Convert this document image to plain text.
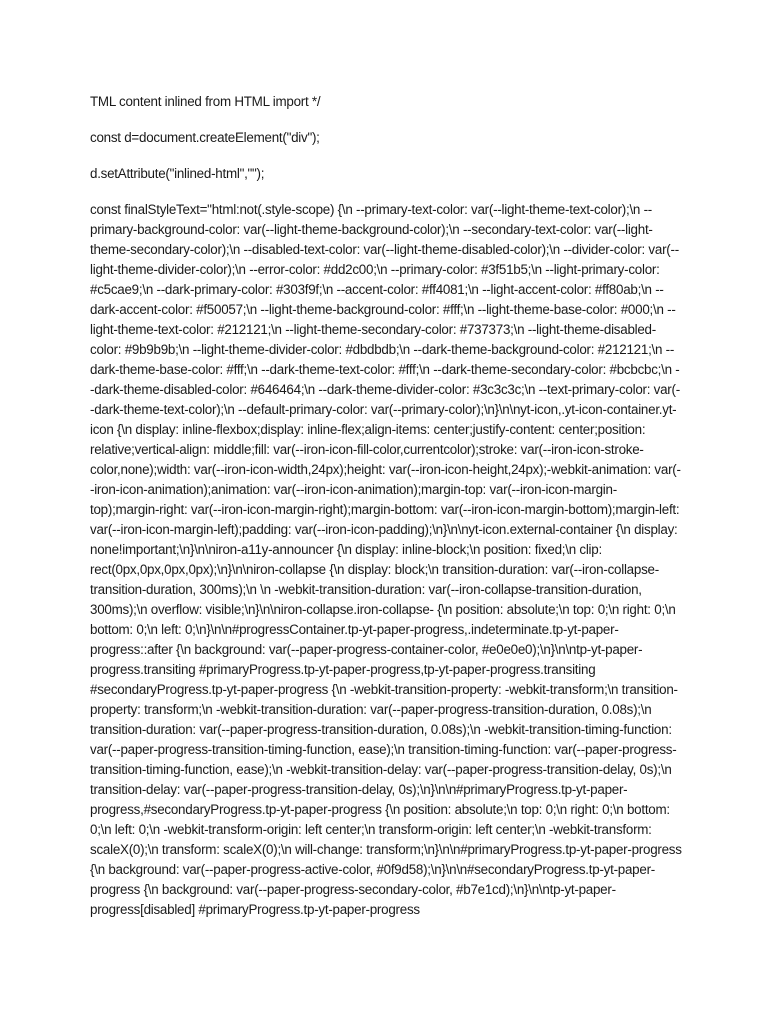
TML content inlined from HTML import */

const d=document.createElement("div");

d.setAttribute("inlined-html","");

const finalStyleText="html:not(.style-scope) {\n --primary-text-color: var(--light-theme-text-color);\n --primary-background-color: var(--light-theme-background-color);\n --secondary-text-color: var(--light-theme-secondary-color);\n --disabled-text-color: var(--light-theme-disabled-color);\n --divider-color: var(--light-theme-divider-color);\n --error-color: #dd2c00;\n --primary-color: #3f51b5;\n --light-primary-color: #c5cae9;\n --dark-primary-color: #303f9f;\n --accent-color: #ff4081;\n --light-accent-color: #ff80ab;\n --dark-accent-color: #f50057;\n --light-theme-background-color: #fff;\n --light-theme-base-color: #000;\n --light-theme-text-color: #212121;\n --light-theme-secondary-color: #737373;\n --light-theme-disabled-color: #9b9b9b;\n --light-theme-divider-color: #dbdbdb;\n --dark-theme-background-color: #212121;\n --dark-theme-base-color: #fff;\n --dark-theme-text-color: #fff;\n --dark-theme-secondary-color: #bcbcbc;\n --dark-theme-disabled-color: #646464;\n --dark-theme-divider-color: #3c3c3c;\n --text-primary-color: var(--dark-theme-text-color);\n --default-primary-color: var(--primary-color);\n}\n\nyt-icon,.yt-icon-container.yt-icon {\n display: inline-flexbox;display: inline-flex;align-items: center;justify-content: center;position: relative;vertical-align: middle;fill: var(--iron-icon-fill-color,currentcolor);stroke: var(--iron-icon-stroke-color,none);width: var(--iron-icon-width,24px);height: var(--iron-icon-height,24px);-webkit-animation: var(--iron-icon-animation);animation: var(--iron-icon-animation);margin-top: var(--iron-icon-margin-top);margin-right: var(--iron-icon-margin-right);margin-bottom: var(--iron-icon-margin-bottom);margin-left: var(--iron-icon-margin-left);padding: var(--iron-icon-padding);\n}\n\nyt-icon.external-container {\n display: none!important;\n}\n\niron-a11y-announcer {\n display: inline-block;\n position: fixed;\n clip: rect(0px,0px,0px,0px);\n}\n\niron-collapse {\n display: block;\n transition-duration: var(--iron-collapse-transition-duration, 300ms);\n \n -webkit-transition-duration: var(--iron-collapse-transition-duration, 300ms);\n overflow: visible;\n}\n\niron-collapse.iron-collapse- {\n position: absolute;\n top: 0;\n right: 0;\n bottom: 0;\n left: 0;\n}\n\n#progressContainer.tp-yt-paper-progress,.indeterminate.tp-yt-paper-progress::after {\n background: var(--paper-progress-container-color, #e0e0e0);\n}\n\ntp-yt-paper-progress.transiting #primaryProgress.tp-yt-paper-progress,tp-yt-paper-progress.transiting #secondaryProgress.tp-yt-paper-progress {\n -webkit-transition-property: -webkit-transform;\n transition-property: transform;\n -webkit-transition-duration: var(--paper-progress-transition-duration, 0.08s);\n transition-duration: var(--paper-progress-transition-duration, 0.08s);\n -webkit-transition-timing-function: var(--paper-progress-transition-timing-function, ease);\n transition-timing-function: var(--paper-progress-transition-timing-function, ease);\n -webkit-transition-delay: var(--paper-progress-transition-delay, 0s);\n transition-delay: var(--paper-progress-transition-delay, 0s);\n}\n\n#primaryProgress.tp-yt-paper-progress,#secondaryProgress.tp-yt-paper-progress {\n position: absolute;\n top: 0;\n right: 0;\n bottom: 0;\n left: 0;\n -webkit-transform-origin: left center;\n transform-origin: left center;\n -webkit-transform: scaleX(0);\n transform: scaleX(0);\n will-change: transform;\n}\n\n#primaryProgress.tp-yt-paper-progress {\n background: var(--paper-progress-active-color, #0f9d58);\n}\n\n#secondaryProgress.tp-yt-paper-progress {\n background: var(--paper-progress-secondary-color, #b7e1cd);\n}\n\ntp-yt-paper-progress[disabled] #primaryProgress.tp-yt-paper-progress
